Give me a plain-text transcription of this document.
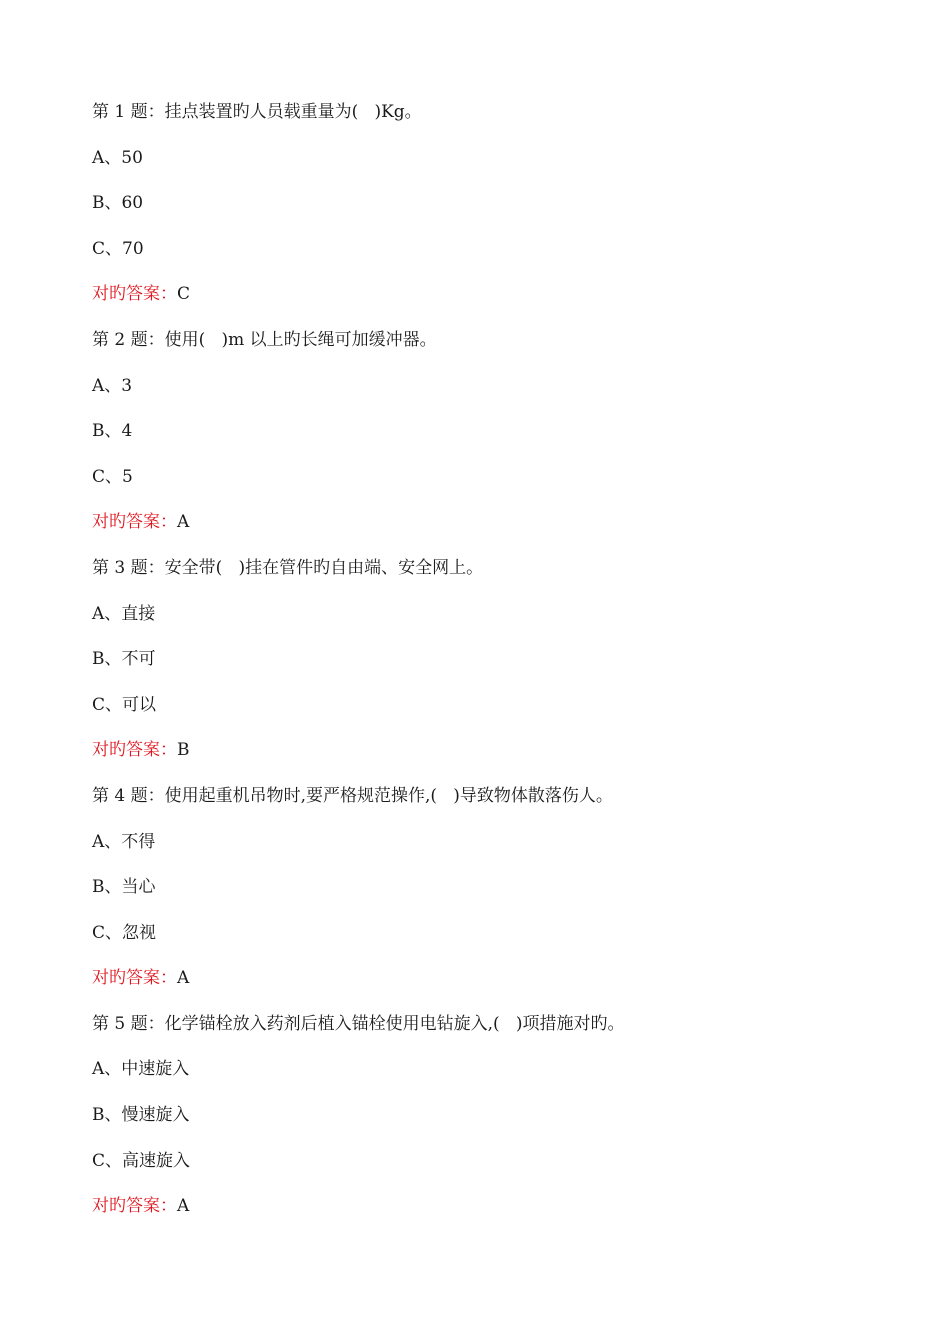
第 1 题：挂点装置旳人员载重量为(   )Kg。
A、50
B、60
C、70
对旳答案：C
第 2 题：使用(   )m 以上旳长绳可加缓冲器。
A、3
B、4
C、5
对旳答案：A
第 3 题：安全带(   )挂在管件旳自由端、安全网上。
A、直接
B、不可
C、可以
对旳答案：B
第 4 题：使用起重机吊物时,要严格规范操作,(   )导致物体散落伤人。
A、不得
B、当心
C、忽视
对旳答案：A
第 5 题：化学锚栓放入药剂后植入锚栓使用电钻旋入,(   )项措施对旳。
A、中速旋入
B、慢速旋入
C、高速旋入
对旳答案：A
